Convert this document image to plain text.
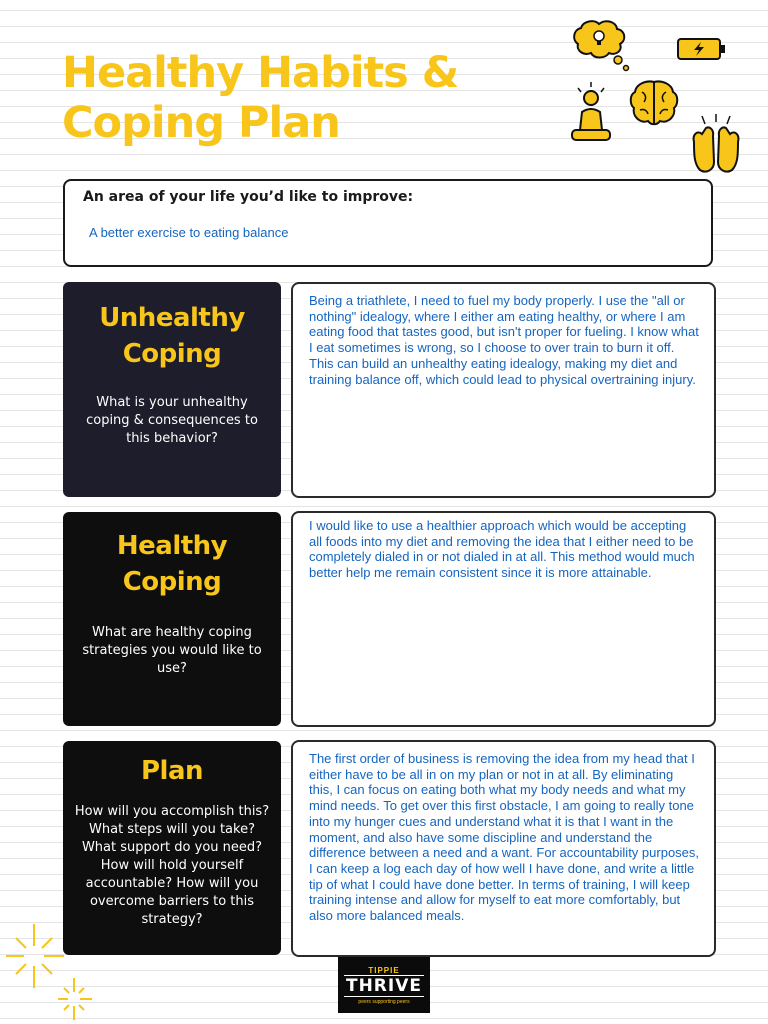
Healthy Habits &
Coping Plan
An area of your life you’d like to improve:
A better exercise to eating balance
Unhealthy
Coping

What is your unhealthy coping & consequences to this behavior?

Being a triathlete, I need to fuel my body properly. I use the "all or nothing" idealogy, where I either am eating healthy, or where I am eating food that tastes good, but isn't proper for fueling. I know what I eat sometimes is wrong, so I choose to over train to burn it off. This can build an unhealthy eating idealogy, making my diet and training balance off, which could lead to physical overtraining injury.
Healthy
Coping

What are healthy coping strategies you would like to use?

I would like to use a healthier approach which would be accepting all foods into my diet and removing the idea that I either need to be completely dialed in or not dialed in at all. This method would much better help me remain consistent since it is more attainable.
Plan

How will you accomplish this? What steps will you take? What support do you need? How will hold yourself accountable? How will you overcome barriers to this strategy?

The first order of business is removing the idea from my head that I either have to be all in on my plan or not in at all. By eliminating this, I can focus on eating both what my body needs and what my mind needs. To get over this first obstacle, I am going to really tone into my hunger cues and understand what it is that I want in the moment, and also have some discipline and understand the difference between a need and a want. For accountability purposes, I can keep a log each day of how well I have done, and write a little tip of what I could have done better. In terms of training, I will keep training intense and allow for myself to eat more comfortably, but also more balanced meals.
TIPPIE
THRIVE
peers supporting peers
